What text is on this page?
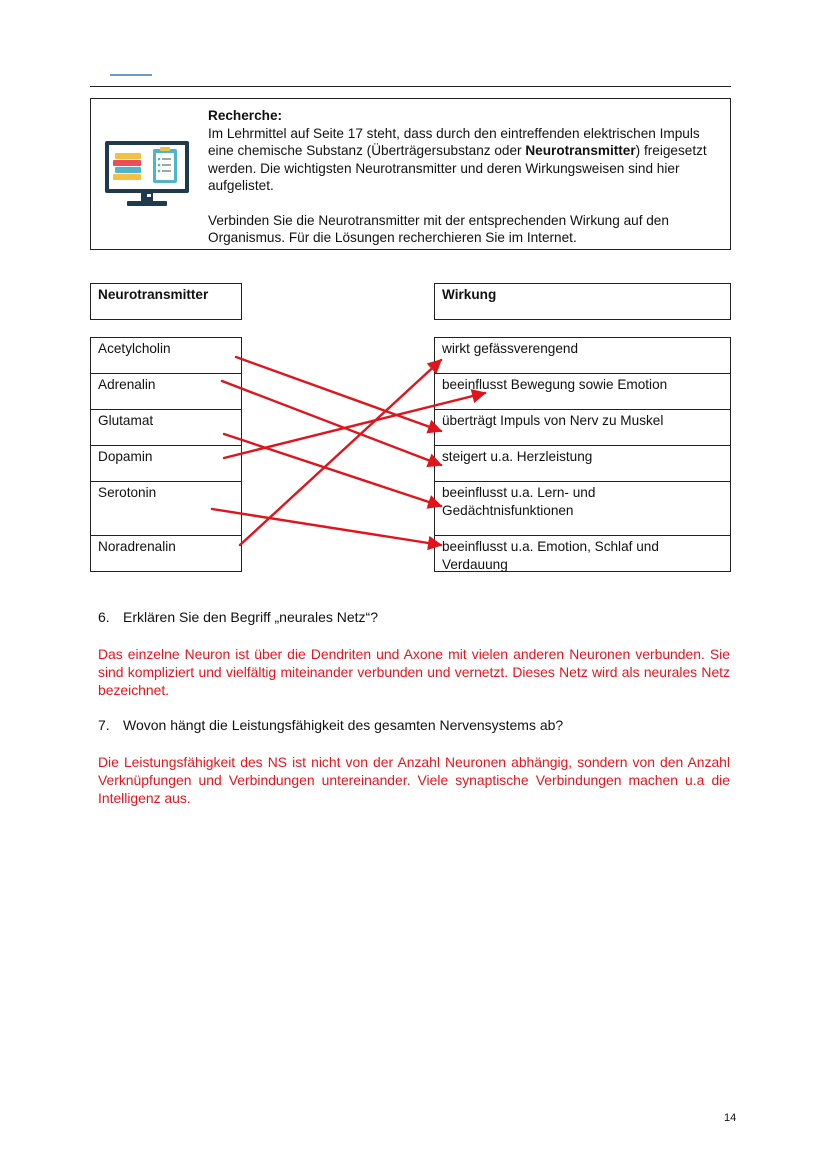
Recherche:

Im Lehrmittel auf Seite 17 steht, dass durch den eintreffenden elektrischen Impuls eine chemische Substanz (Überträgersubstanz oder Neurotransmitter) freigesetzt werden. Die wichtigsten Neurotransmitter und deren Wirkungsweisen sind hier aufgelistet.

Verbinden Sie die Neurotransmitter mit der entsprechenden Wirkung auf den Organismus. Für die Lösungen recherchieren Sie im Internet.

Neurotransmitter	Wirkung
Acetylcholin
Adrenalin
Glutamat
Dopamin
Serotonin
Noradrenalin
wirkt gefässverengend
beeinflusst Bewegung sowie Emotion
überträgt Impuls von Nerv zu Muskel
steigert u.a. Herzleistung
beeinflusst u.a. Lern- und Gedächtnisfunktionen
beeinflusst u.a. Emotion, Schlaf und Verdauung
6. Erklären Sie den Begriff „neurales Netz“?
Das einzelne Neuron ist über die Dendriten und Axone mit vielen anderen Neuronen verbunden. Sie sind kompliziert und vielfältig miteinander verbunden und vernetzt. Dieses Netz wird als neurales Netz bezeichnet.
7. Wovon hängt die Leistungsfähigkeit des gesamten Nervensystems ab?
Die Leistungsfähigkeit des NS ist nicht von der Anzahl Neuronen abhängig, sondern von den Anzahl Verknüpfungen und Verbindungen untereinander. Viele synaptische Verbindungen machen u.a die Intelligenz aus.
14
